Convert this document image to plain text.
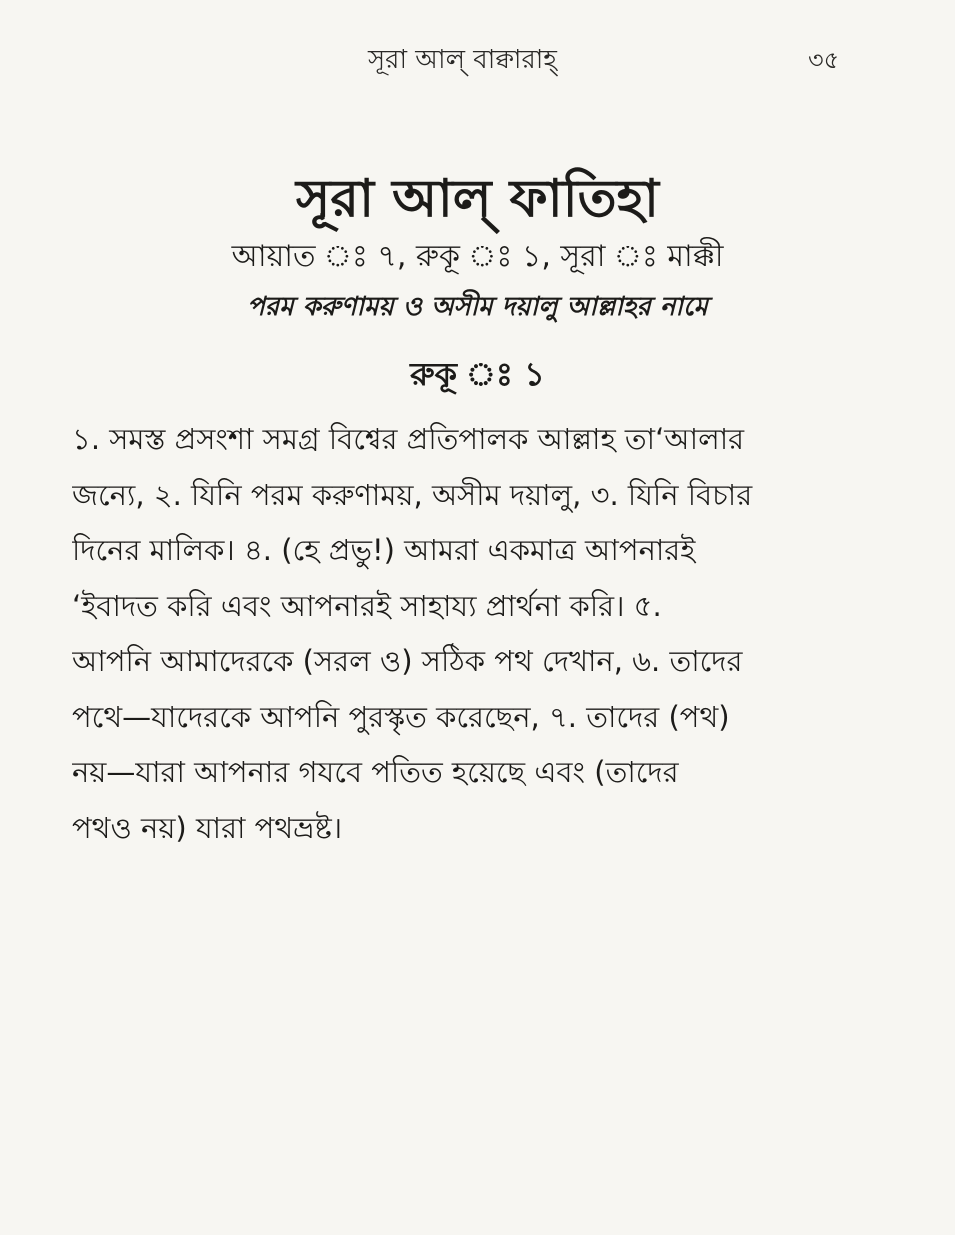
সূরা আল্ বাক্বারাহ্	৩৫
সূরা আল্ ফাতিহা
আয়াত ঃ ৭, রুকূ ঃ ১, সূরা ঃ মাক্কী
পরম করুণাময় ও অসীম দয়ালু আল্লাহর নামে
রুকূ ঃ ১
১. সমস্ত প্রসংশা সমগ্র বিশ্বের প্রতিপালক আল্লাহ তা‘আলার
জন্যে, ২. যিনি পরম করুণাময়, অসীম দয়ালু, ৩. যিনি বিচার
দিনের মালিক। ৪. (হে প্রভু!) আমরা একমাত্র আপনারই
‘ইবাদত করি এবং আপনারই সাহায্য প্রার্থনা করি। ৫.
আপনি আমাদেরকে (সরল ও) সঠিক পথ দেখান, ৬. তাদের
পথে—যাদেরকে আপনি পুরস্কৃত করেছেন, ৭. তাদের (পথ)
নয়—যারা আপনার গযবে পতিত হয়েছে এবং (তাদের
পথও নয়) যারা পথভ্রষ্ট।
